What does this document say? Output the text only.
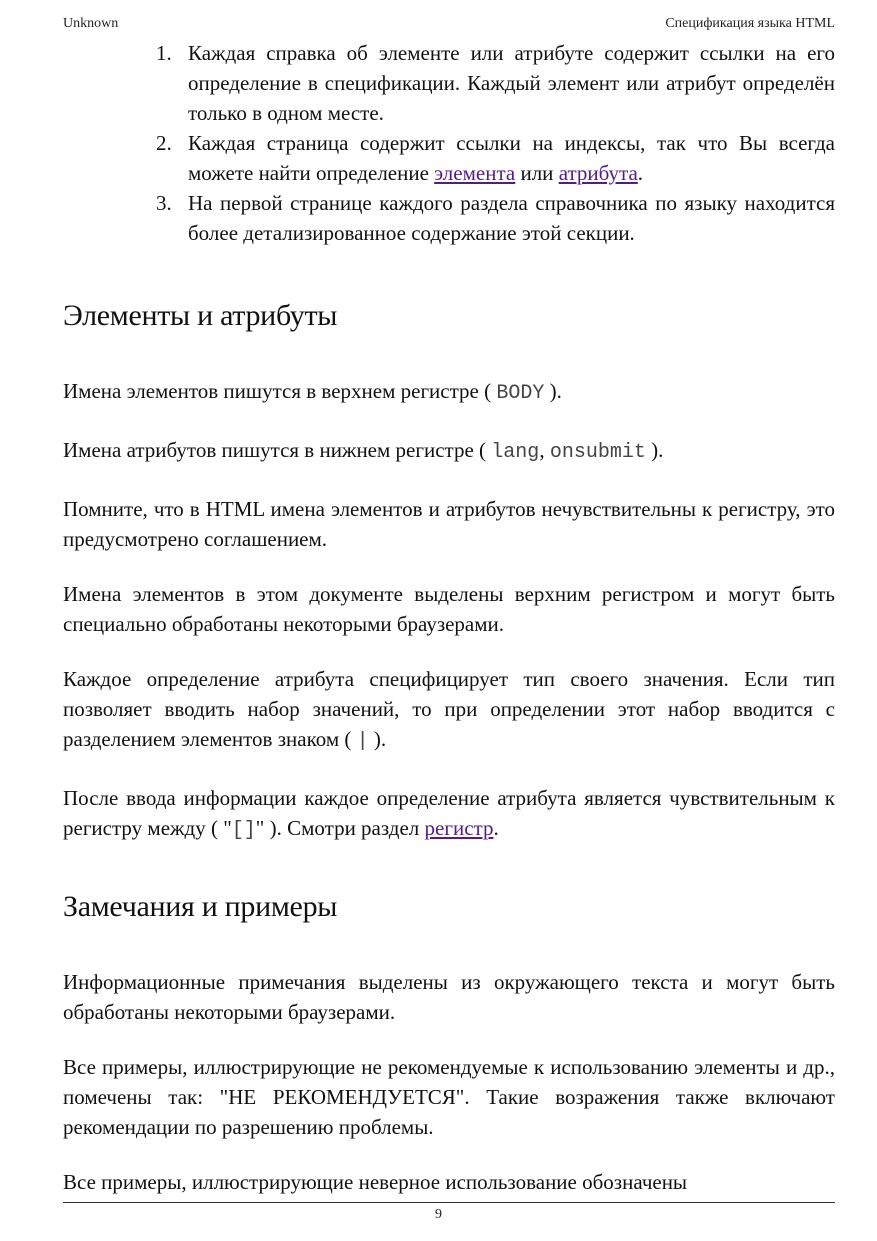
Unknown	Спецификация языка HTML
1. Каждая справка об элементе или атрибуте содержит ссылки на его определение в спецификации. Каждый элемент или атрибут определён только в одном месте.
2. Каждая страница содержит ссылки на индексы, так что Вы всегда можете найти определение элемента или атрибута.
3. На первой странице каждого раздела справочника по языку находится более детализированное содержание этой секции.
Элементы и атрибуты

Имена элементов пишутся в верхнем регистре ( BODY ).

Имена атрибутов пишутся в нижнем регистре ( lang, onsubmit ).

Помните, что в HTML имена элементов и атрибутов нечувствительны к регистру, это предусмотрено соглашением.

Имена элементов в этом документе выделены верхним регистром и могут быть специально обработаны некоторыми браузерами.

Каждое определение атрибута специфицирует тип своего значения. Если тип позволяет вводить набор значений, то при определении этот набор вводится с разделением элементов знаком ( | ).

После ввода информации каждое определение атрибута является чувствительным к регистру между ( "[]" ). Смотри раздел регистр.

Замечания и примеры

Информационные примечания выделены из окружающего текста и могут быть обработаны некоторыми браузерами.

Все примеры, иллюстрирующие не рекомендуемые к использованию элементы и др., помечены так: "НЕ РЕКОМЕНДУЕТСЯ". Такие возражения также включают рекомендации по разрешению проблемы.

Все примеры, иллюстрирующие неверное использование обозначены

9
